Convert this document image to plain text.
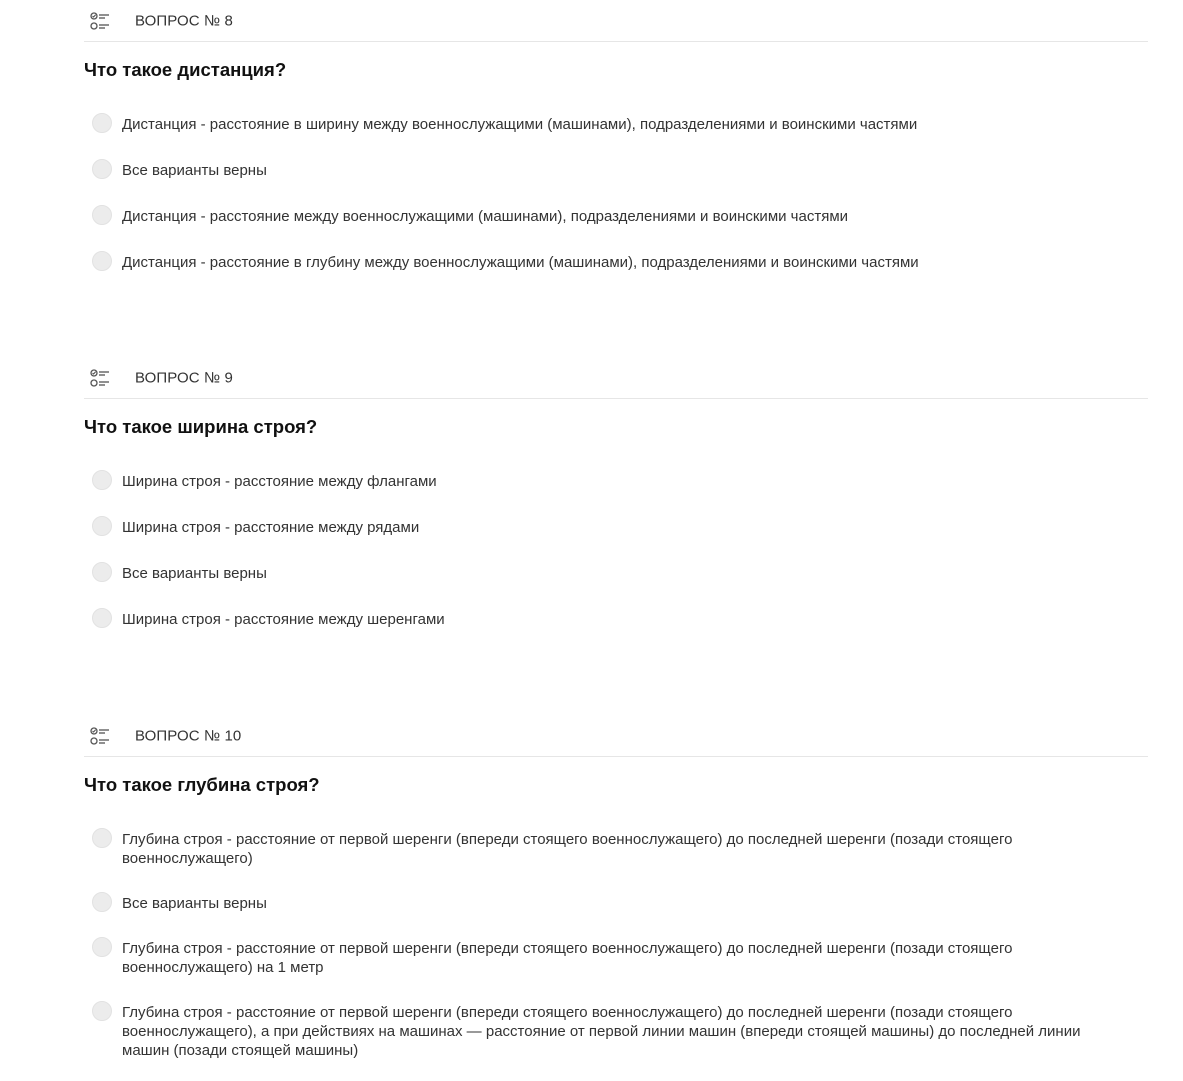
ВОПРОС № 8
Что такое дистанция?
Дистанция - расстояние в ширину между военнослужащими (машинами), подразделениями и воинскими частями
Все варианты верны
Дистанция - расстояние между военнослужащими (машинами), подразделениями и воинскими частями
Дистанция - расстояние в глубину между военнослужащими (машинами), подразделениями и воинскими частями
ВОПРОС № 9
Что такое ширина строя?
Ширина строя - расстояние между флангами
Ширина строя - расстояние между рядами
Все варианты верны
Ширина строя - расстояние между шеренгами
ВОПРОС № 10
Что такое глубина строя?
Глубина строя - расстояние от первой шеренги (впереди стоящего военнослужащего) до последней шеренги (позади стоящего военнослужащего)
Все варианты верны
Глубина строя - расстояние от первой шеренги (впереди стоящего военнослужащего) до последней шеренги (позади стоящего военнослужащего) на 1 метр
Глубина строя - расстояние от первой шеренги (впереди стоящего военнослужащего) до последней шеренги (позади стоящего военнослужащего), а при действиях на машинах — расстояние от первой линии машин (впереди стоящей машины) до последней линии машин (позади стоящей машины)
